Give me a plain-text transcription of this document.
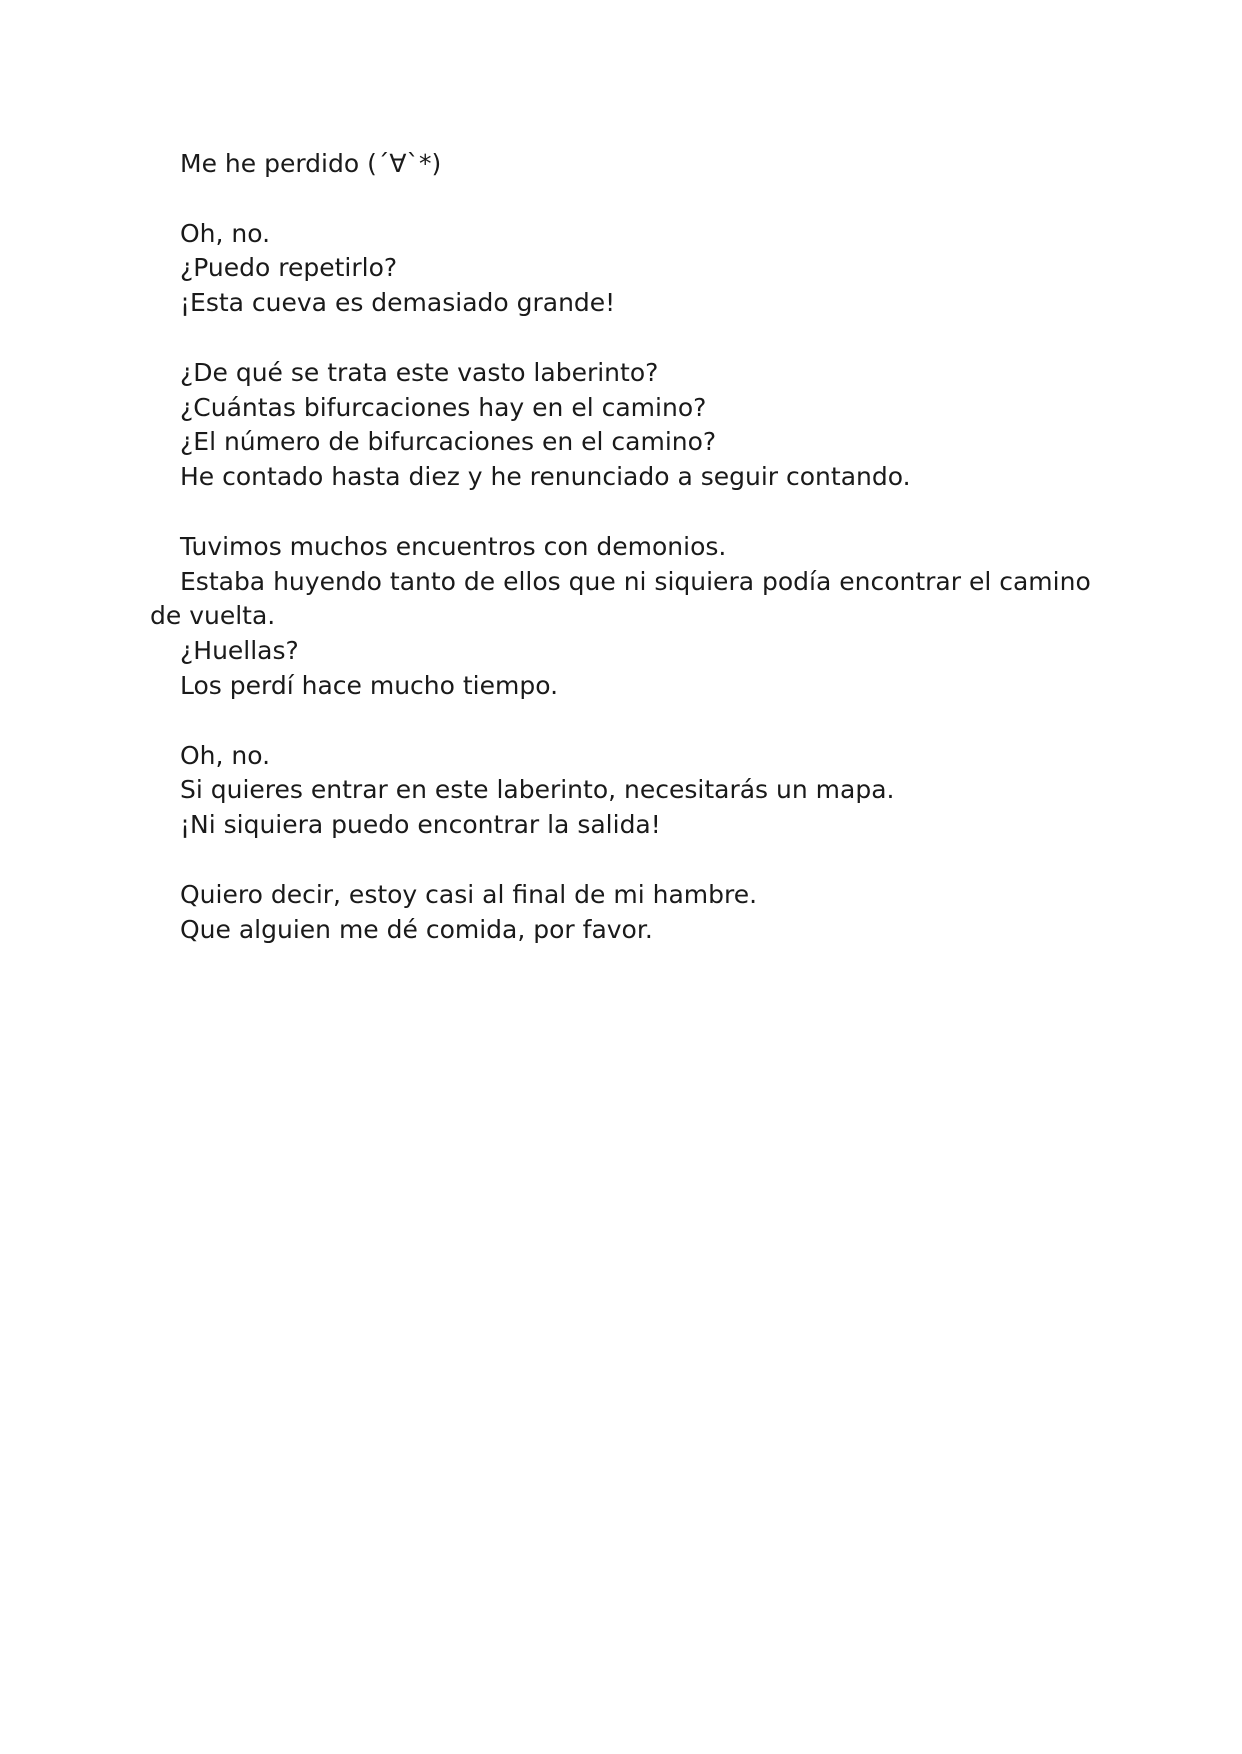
Me he perdido (´∀`*)
Oh, no.
¿Puedo repetirlo?
¡Esta cueva es demasiado grande!
¿De qué se trata este vasto laberinto?
¿Cuántas bifurcaciones hay en el camino?
¿El número de bifurcaciones en el camino?
He contado hasta diez y he renunciado a seguir contando.
Tuvimos muchos encuentros con demonios.
Estaba huyendo tanto de ellos que ni siquiera podía encontrar el camino de vuelta.
¿Huellas?
Los perdí hace mucho tiempo.
Oh, no.
Si quieres entrar en este laberinto, necesitarás un mapa.
¡Ni siquiera puedo encontrar la salida!
Quiero decir, estoy casi al final de mi hambre.
Que alguien me dé comida, por favor.
